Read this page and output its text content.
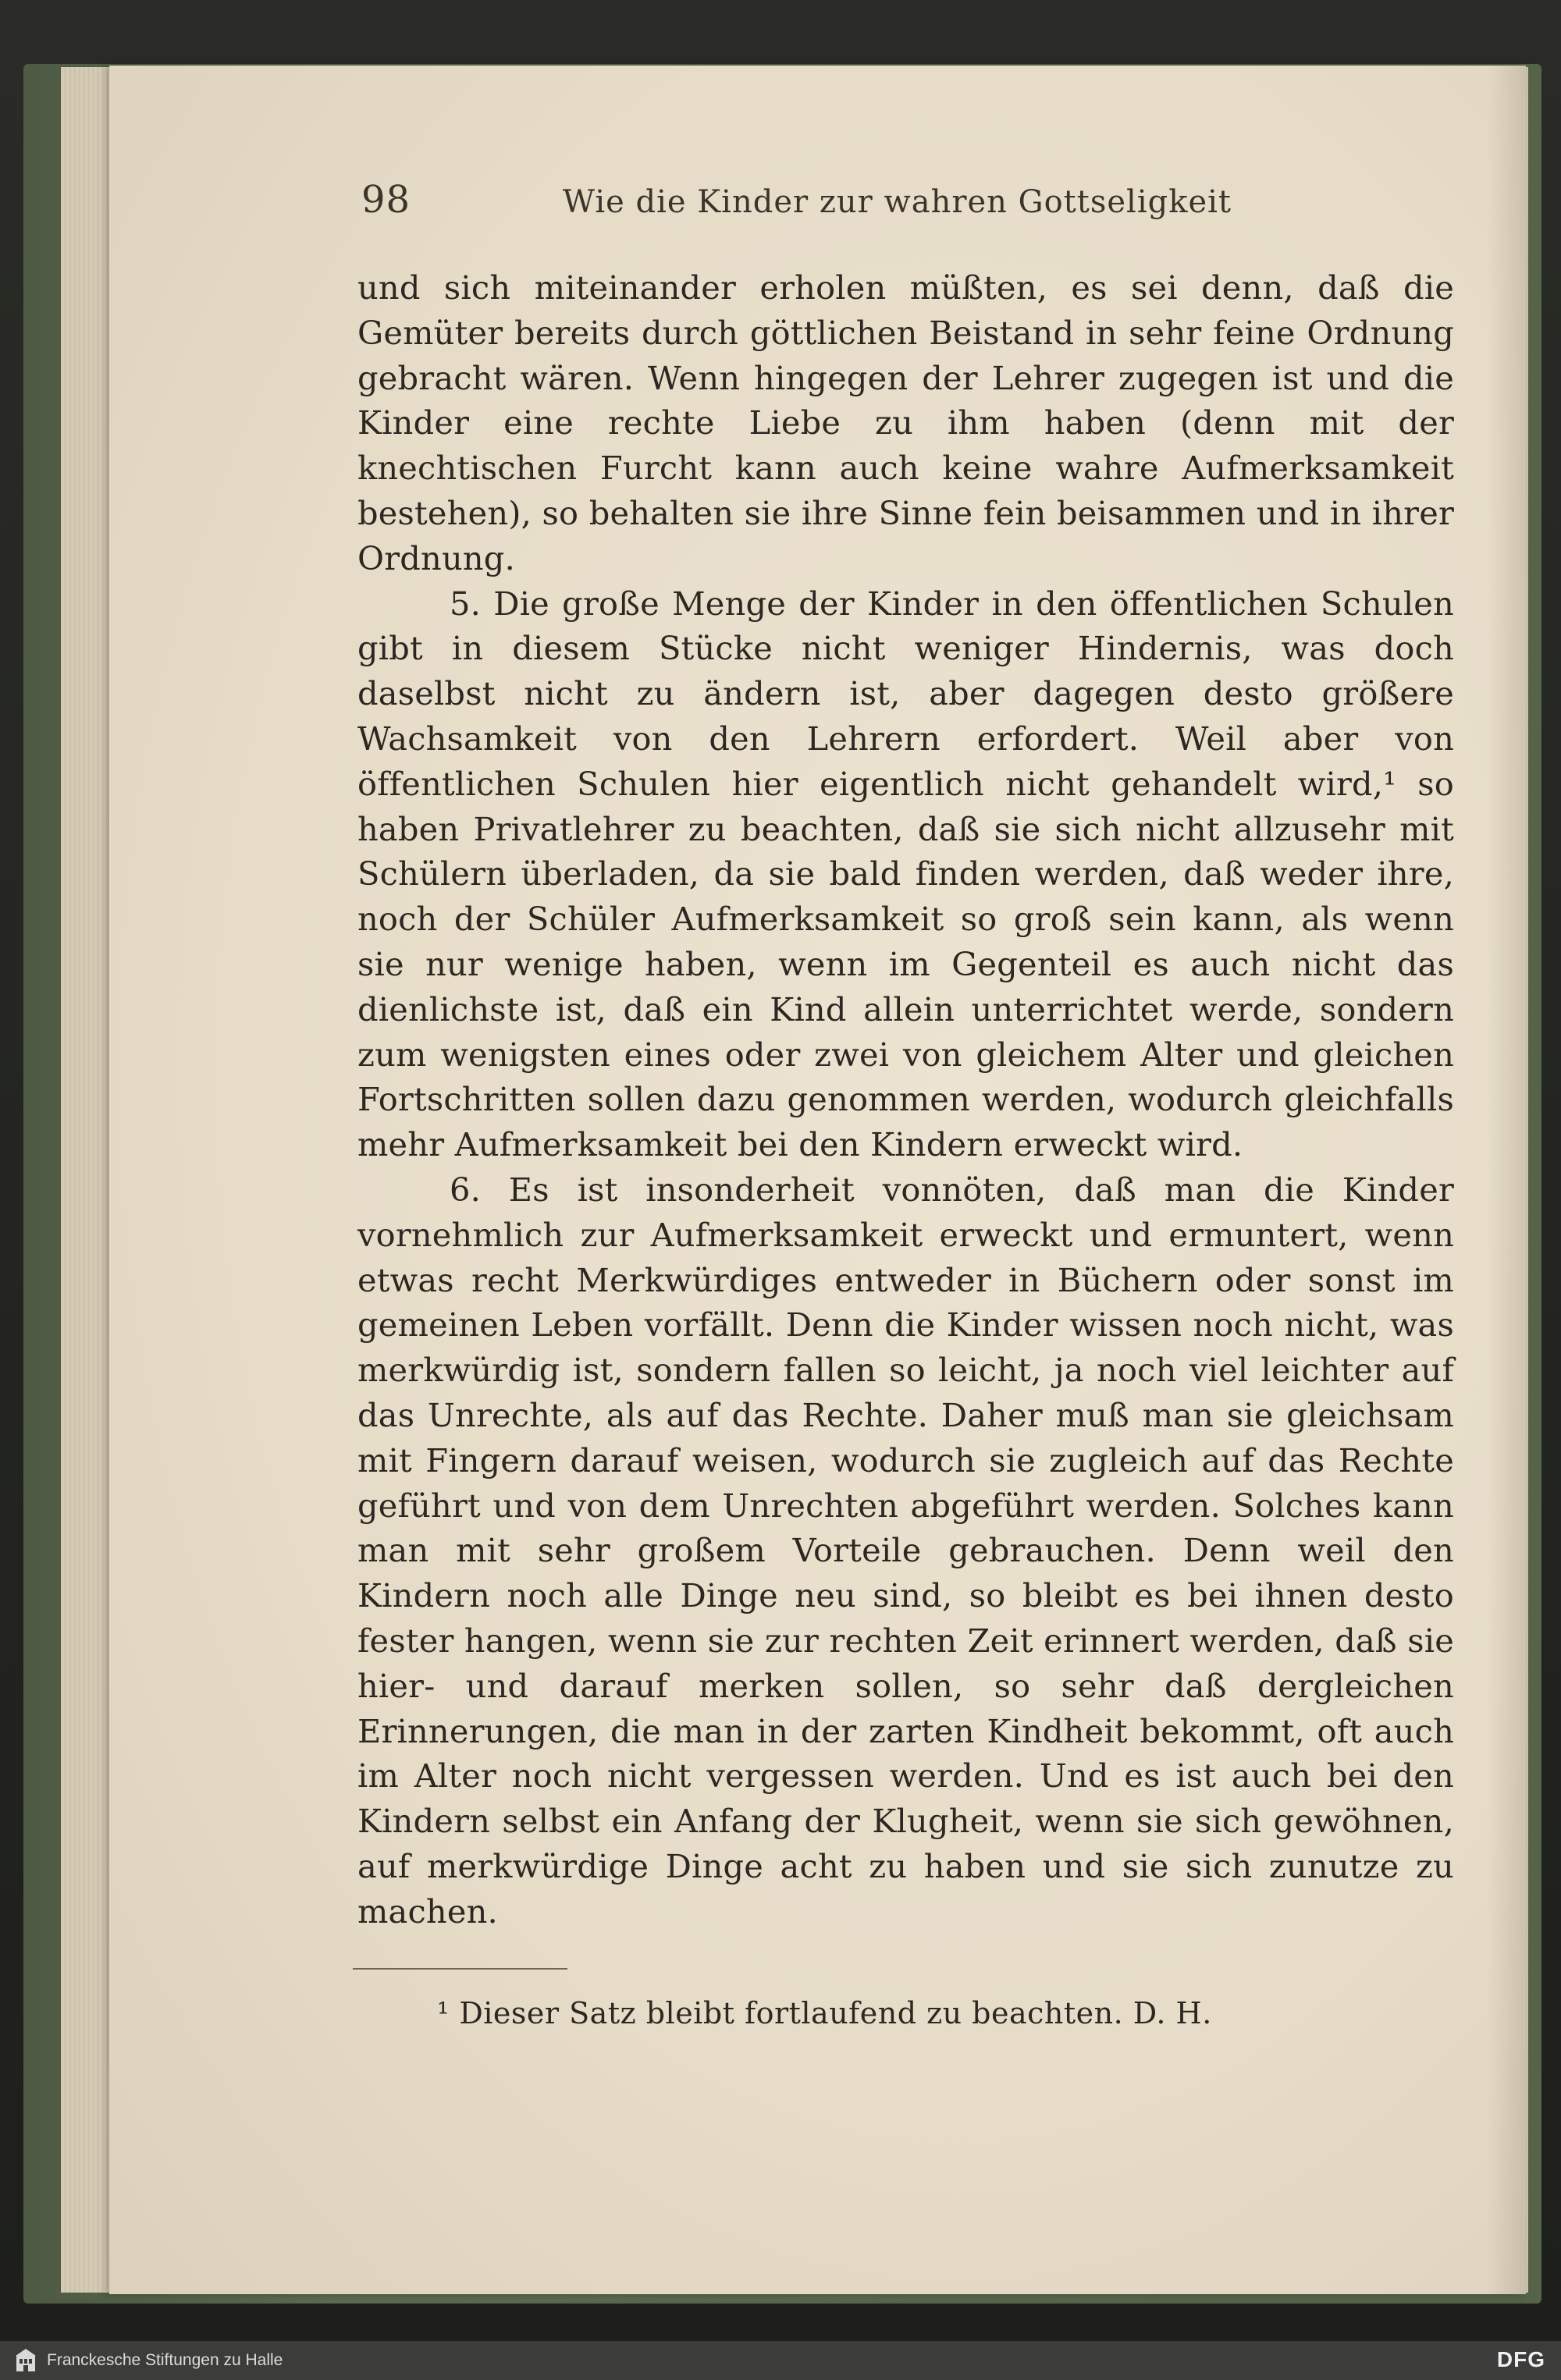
98	Wie die Kinder zur wahren Gottseligkeit

und sich miteinander erholen müßten, es sei denn, daß die Gemüter bereits durch göttlichen Beistand in sehr feine Ordnung gebracht wären. Wenn hingegen der Lehrer zugegen ist und die Kinder eine rechte Liebe zu ihm haben (denn mit der knechtischen Furcht kann auch keine wahre Aufmerksamkeit bestehen), so behalten sie ihre Sinne fein beisammen und in ihrer Ordnung.

5. Die große Menge der Kinder in den öffentlichen Schulen gibt in diesem Stücke nicht weniger Hindernis, was doch daselbst nicht zu ändern ist, aber dagegen desto größere Wachsamkeit von den Lehrern erfordert. Weil aber von öffentlichen Schulen hier eigentlich nicht gehandelt wird,¹ so haben Privatlehrer zu beachten, daß sie sich nicht allzusehr mit Schülern überladen, da sie bald finden werden, daß weder ihre, noch der Schüler Aufmerksamkeit so groß sein kann, als wenn sie nur wenige haben, wenn im Gegenteil es auch nicht das dienlichste ist, daß ein Kind allein unterrichtet werde, sondern zum wenigsten eines oder zwei von gleichem Alter und gleichen Fortschritten sollen dazu genommen werden, wodurch gleichfalls mehr Aufmerksamkeit bei den Kindern erweckt wird.

6. Es ist insonderheit vonnöten, daß man die Kinder vornehmlich zur Aufmerksamkeit erweckt und ermuntert, wenn etwas recht Merkwürdiges entweder in Büchern oder sonst im gemeinen Leben vorfällt. Denn die Kinder wissen noch nicht, was merkwürdig ist, sondern fallen so leicht, ja noch viel leichter auf das Unrechte, als auf das Rechte. Daher muß man sie gleichsam mit Fingern darauf weisen, wodurch sie zugleich auf das Rechte geführt und von dem Unrechten abgeführt werden. Solches kann man mit sehr großem Vorteile gebrauchen. Denn weil den Kindern noch alle Dinge neu sind, so bleibt es bei ihnen desto fester hangen, wenn sie zur rechten Zeit erinnert werden, daß sie hier- und darauf merken sollen, so sehr daß dergleichen Erinnerungen, die man in der zarten Kindheit bekommt, oft auch im Alter noch nicht vergessen werden. Und es ist auch bei den Kindern selbst ein Anfang der Klugheit, wenn sie sich gewöhnen, auf merkwürdige Dinge acht zu haben und sie sich zunutze zu machen.

¹ Dieser Satz bleibt fortlaufend zu beachten. D. H.
Franckesche Stiftungen zu Halle	DFG
